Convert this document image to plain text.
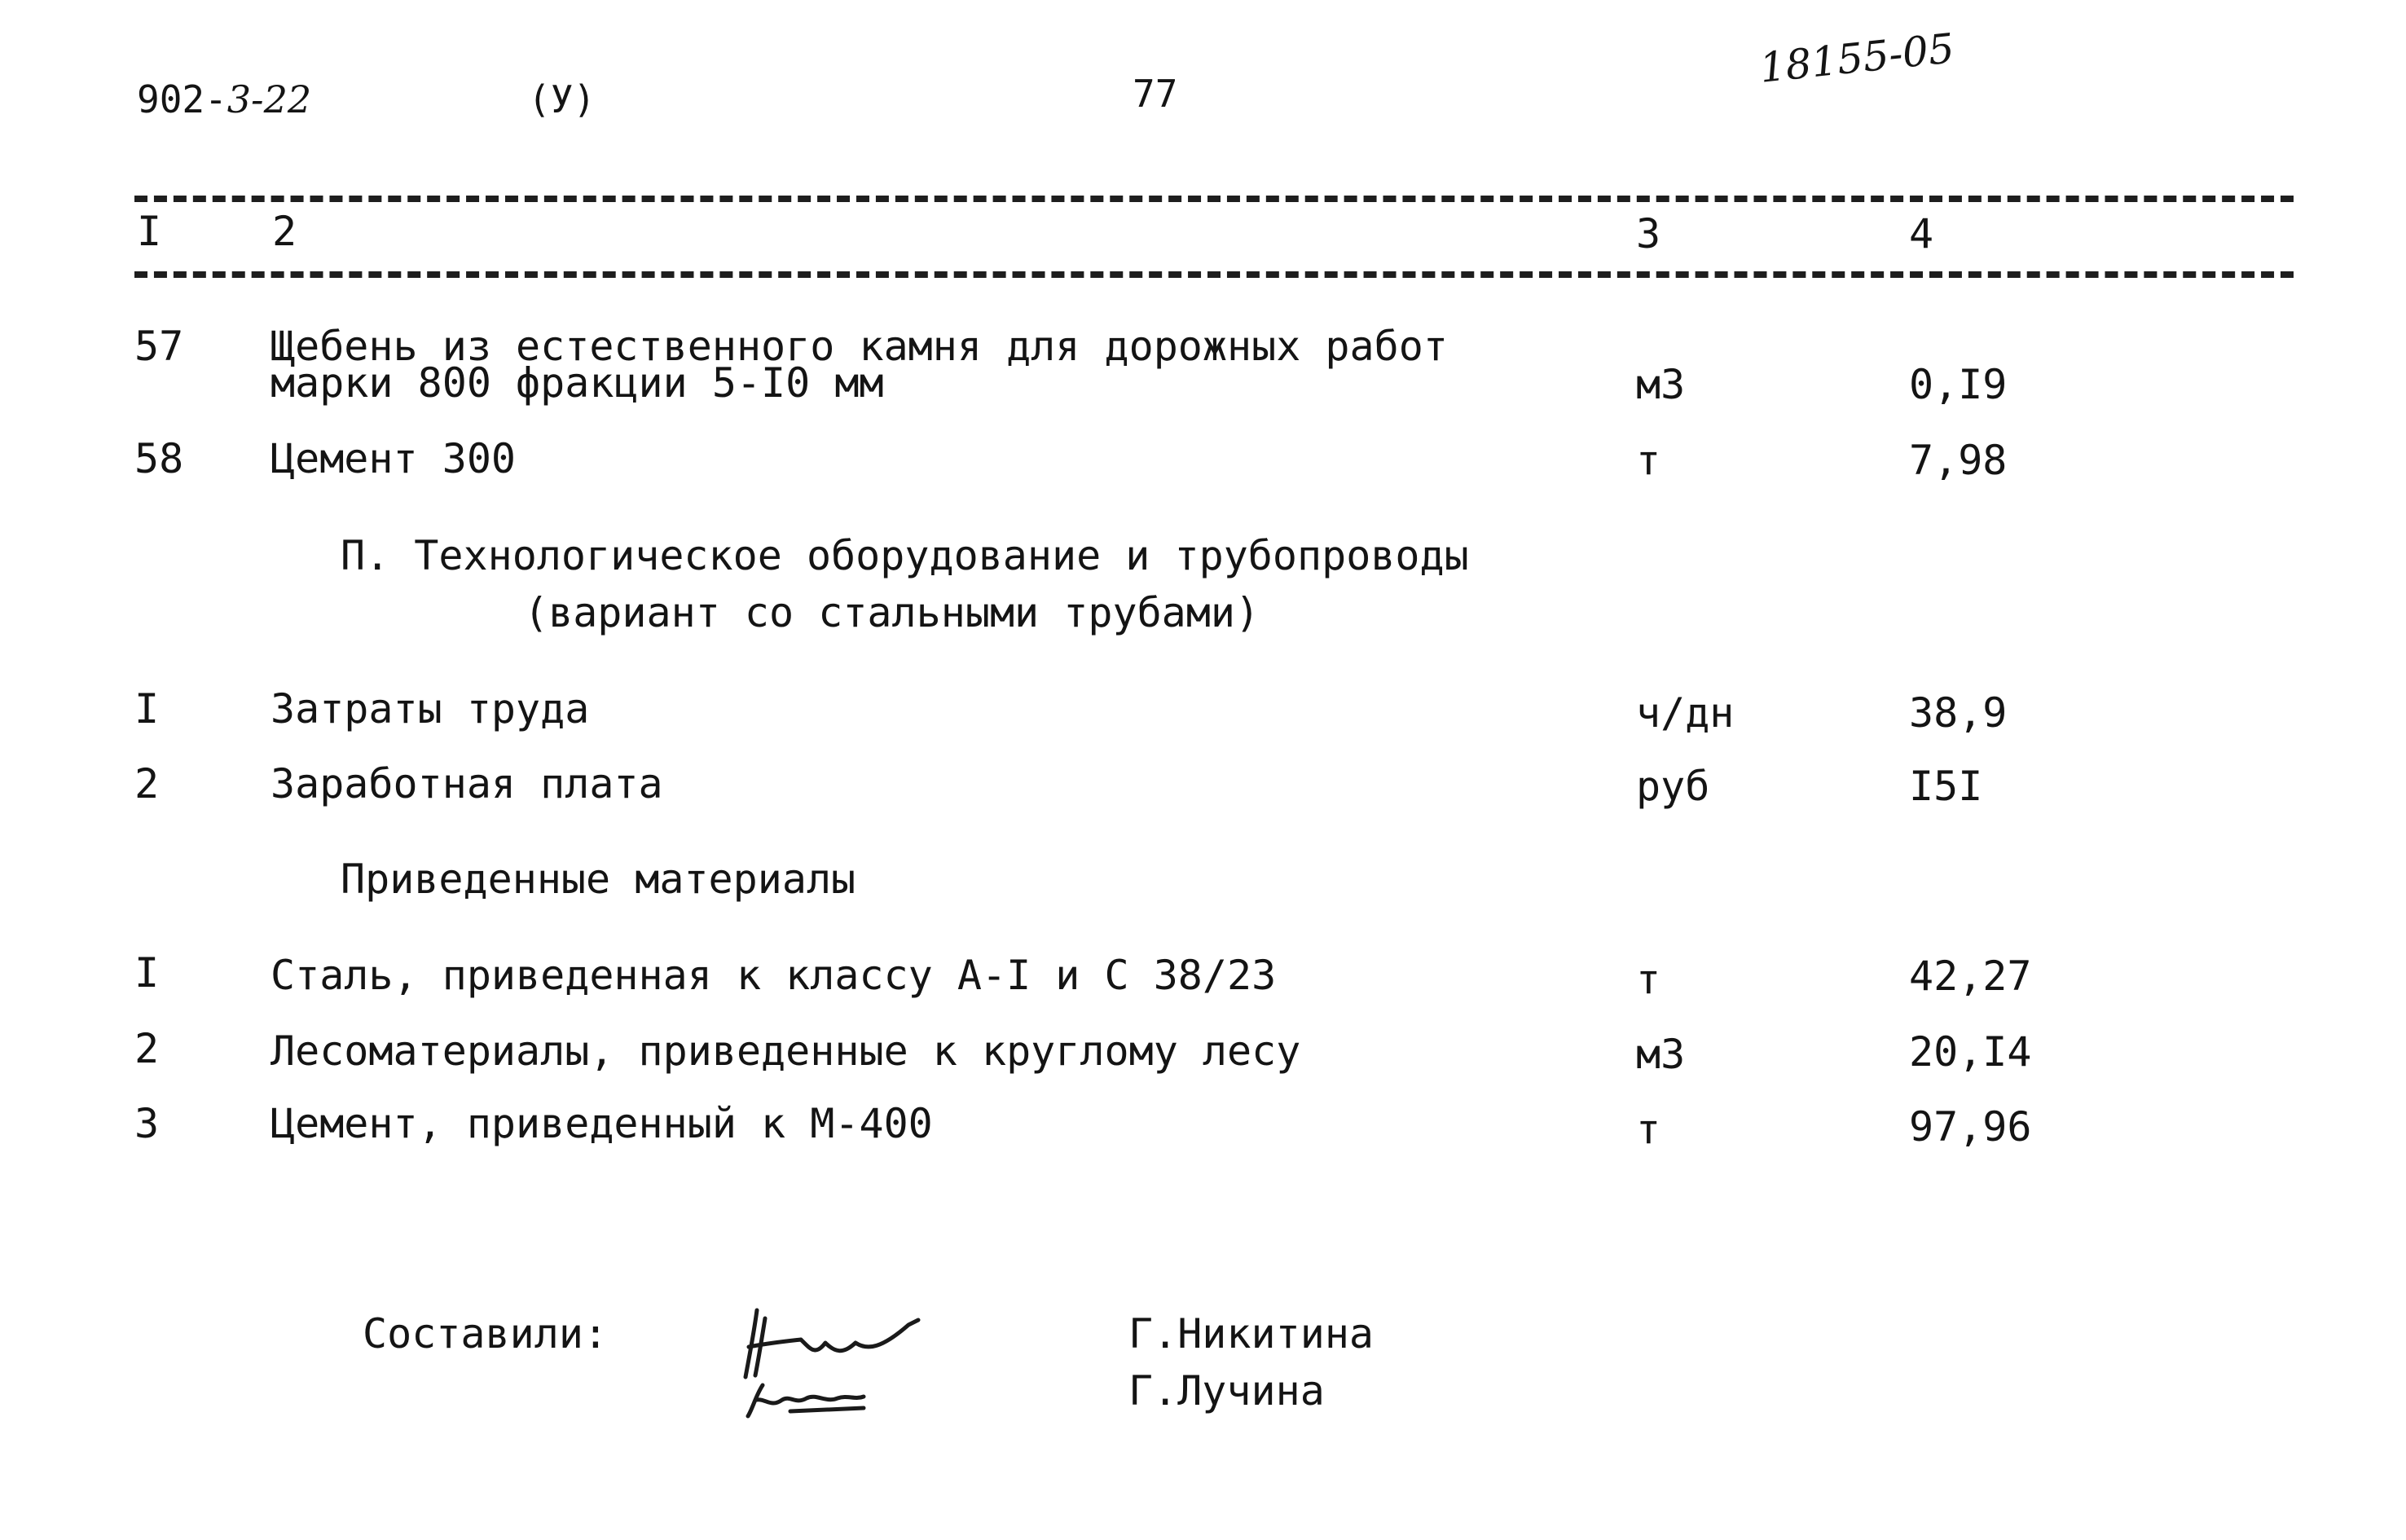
902-3-22	(У)	77
18155-05
I	2	3	4
57 Щебень из естественного камня для дорожных работ
марки 800 фракции 5-I0 мм	м3	0,I9
58 Цемент 300	т	7,98
П. Технологическое оборудование и трубопроводы
(вариант со стальными трубами)
I	Затраты труда	ч/дн	38,9
2	Заработная плата	руб	I5I
Приведенные материалы
I	Сталь, приведенная к классу А-I и С 38/23	т	42,27
2	Лесоматериалы, приведенные к круглому лесу	м3	20,I4
3	Цемент, приведенный к М-400	т	97,96
Составили:	Г.Никитина
Г.Лучина
